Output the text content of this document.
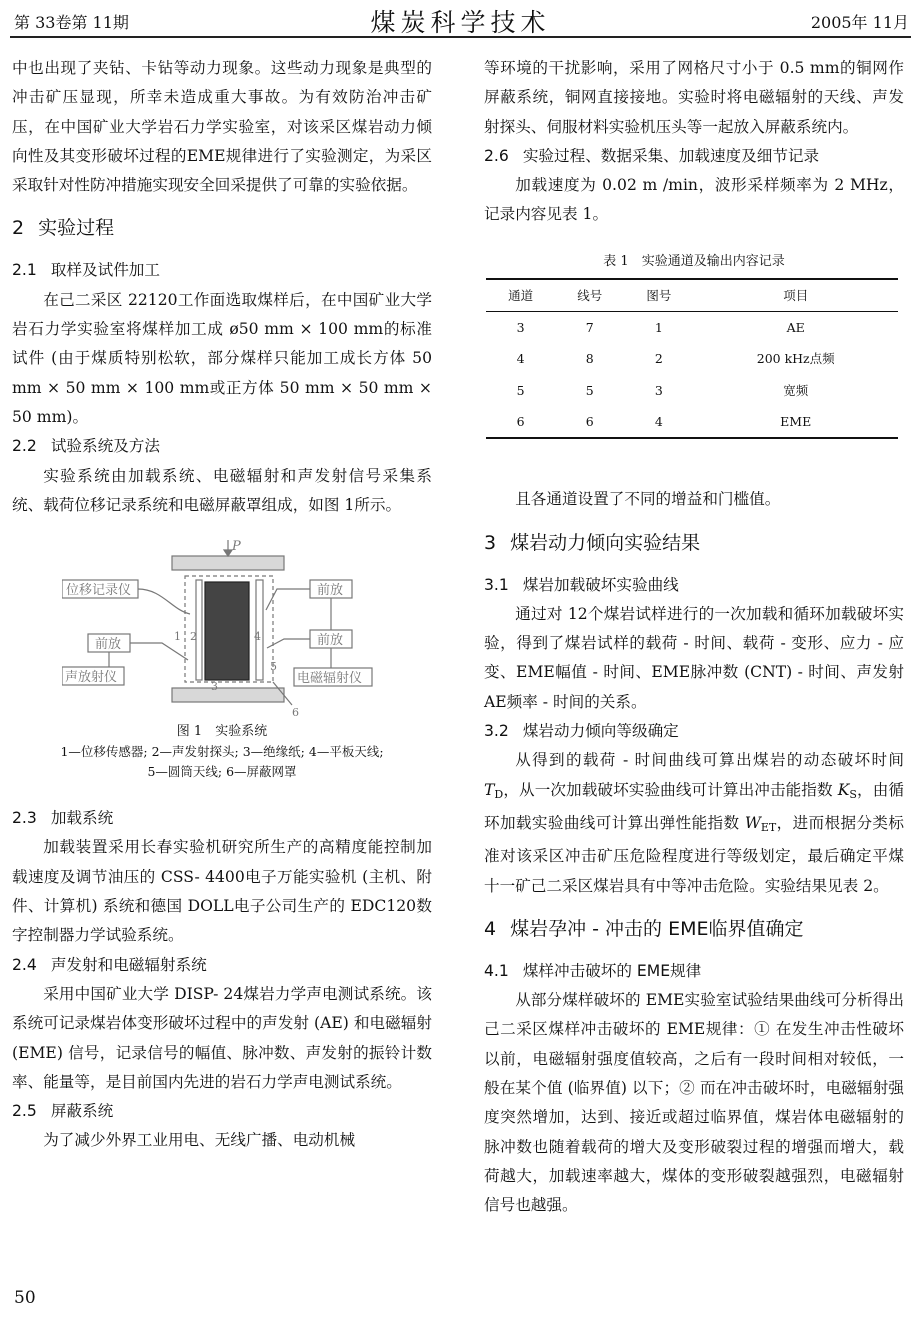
第 33卷第 11期	煤炭科学技术	2005年 11月

中也出现了夹钻、卡钻等动力现象。这些动力现象是典型的冲击矿压显现，所幸未造成重大事故。为有效防治冲击矿压，在中国矿业大学岩石力学实验室，对该采区煤岩动力倾向性及其变形破坏过程的EME规律进行了实验测定，为采区采取针对性防冲措施实现安全回采提供了可靠的实验依据。

2 实验过程
2.1 取样及试件加工

在己二采区 22120工作面选取煤样后，在中国矿业大学岩石力学实验室将煤样加工成 ø50 mm × 100 mm的标准试件 (由于煤质特别松软，部分煤样只能加工成长方体 50 mm × 50 mm × 100 mm或正方体 50 mm × 50 mm × 50 mm)。

2.2 试验系统及方法

实验系统由加载系统、电磁辐射和声发射信号采集系统、载荷位移记录系统和电磁屏蔽罩组成，如图 1所示。

位移记录仪
前放
声放射仪
前放
前放
电磁辐射仪
P
1 2
3
4
5
6
图 1　实验系统
1—位移传感器; 2—声发射探头; 3—绝缘纸; 4—平板天线;
5—圆筒天线; 6—屏蔽网罩
2.3 加载系统

加载装置采用长春实验机研究所生产的高精度能控制加载速度及调节油压的 CSS- 4400电子万能实验机 (主机、附件、计算机) 系统和德国 DOLL电子公司生产的 EDC120数字控制器力学试验系统。

2.4 声发射和电磁辐射系统

采用中国矿业大学 DISP- 24煤岩力学声电测试系统。该系统可记录煤岩体变形破坏过程中的声发射 (AE) 和电磁辐射 (EME) 信号，记录信号的幅值、脉冲数、声发射的振铃计数率、能量等，是目前国内先进的岩石力学声电测试系统。

2.5 屏蔽系统

为了减少外界工业用电、无线广播、电动机械

等环境的干扰影响，采用了网格尺寸小于 0.5 mm的铜网作屏蔽系统，铜网直接接地。实验时将电磁辐射的天线、声发射探头、伺服材料实验机压头等一起放入屏蔽系统内。

2.6 实验过程、数据采集、加载速度及细节记录

加载速度为 0.02 m /min，波形采样频率为 2 MHz，记录内容见表 1。

表 1　实验通道及输出内容记录
通道	线号	图号	项目
3	7	1	AE
4	8	2	200 kHz点频
5	5	3	宽频
6	6	4	EME

且各通道设置了不同的增益和门槛值。

3 煤岩动力倾向实验结果
3.1 煤岩加载破坏实验曲线

通过对 12个煤岩试样进行的一次加载和循环加载破坏实验，得到了煤岩试样的载荷 - 时间、载荷 - 变形、应力 - 应变、EME幅值 - 时间、EME脉冲数 (CNT) - 时间、声发射 AE频率 - 时间的关系。

3.2 煤岩动力倾向等级确定

从得到的载荷 - 时间曲线可算出煤岩的动态破坏时间 TD，从一次加载破坏实验曲线可计算出冲击能指数 KS，由循环加载实验曲线可计算出弹性能指数 WET，进而根据分类标准对该采区冲击矿压危险程度进行等级划定，最后确定平煤十一矿己二采区煤岩具有中等冲击危险。实验结果见表 2。

4 煤岩孕冲 - 冲击的 EME临界值确定
4.1 煤样冲击破坏的 EME规律

从部分煤样破坏的 EME实验室试验结果曲线可分析得出己二采区煤样冲击破坏的 EME规律：① 在发生冲击性破坏以前，电磁辐射强度值较高，之后有一段时间相对较低，一般在某个值 (临界值) 以下；② 而在冲击破坏时，电磁辐射强度突然增加，达到、接近或超过临界值，煤岩体电磁辐射的脉冲数也随着载荷的增大及变形破裂过程的增强而增大，载荷越大，加载速率越大，煤体的变形破裂越强烈，电磁辐射信号也越强。

50
